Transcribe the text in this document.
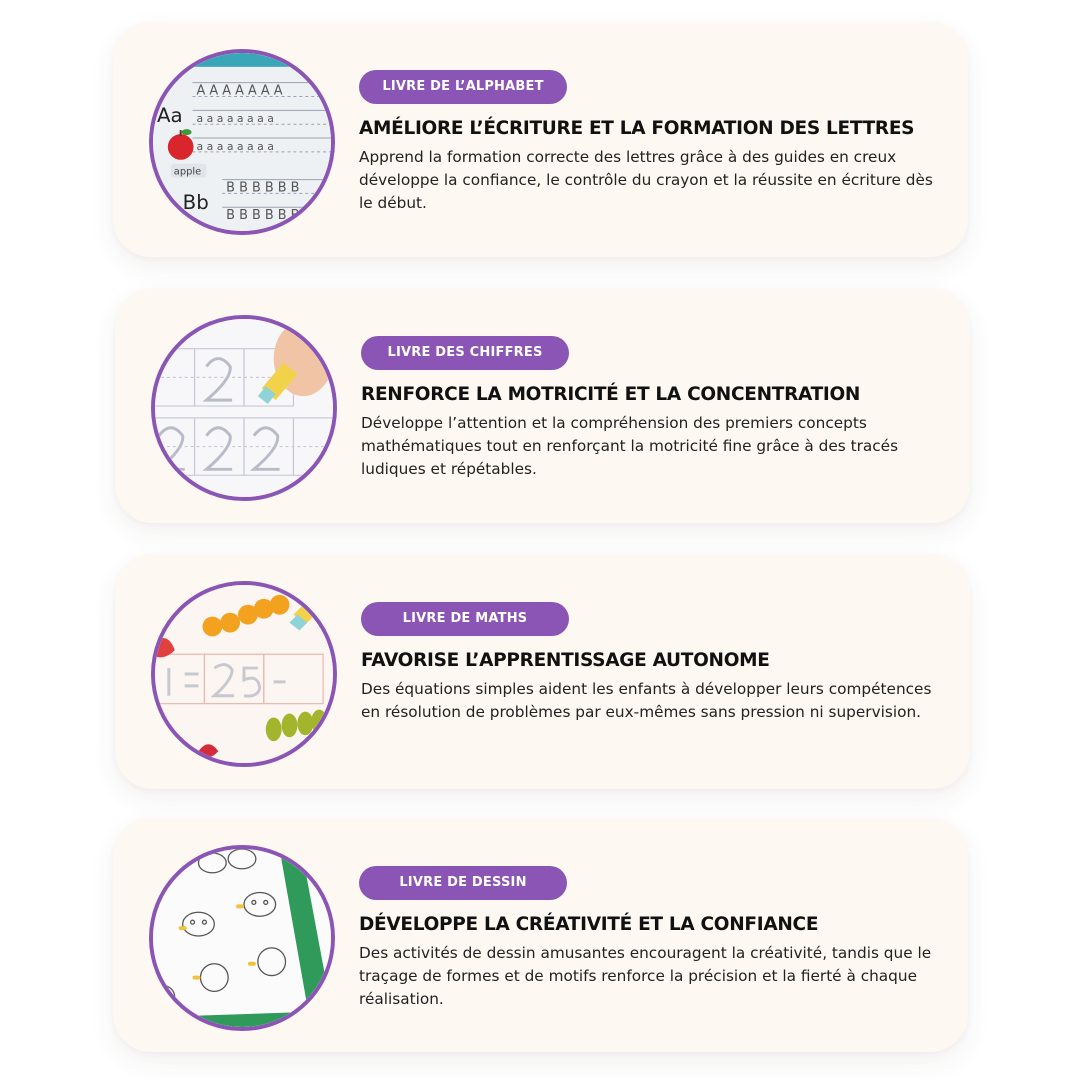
A A A A A A A
a a a a a a a a
a a a a a a a a
B B B B B B
B B B B B B
Aa
apple
Bb
LIVRE DE L’ALPHABET
AMÉLIORE L’ÉCRITURE ET LA FORMATION DES LETTRES
Apprend la formation correcte des lettres grâce à des guides en creux développe la confiance, le contrôle du crayon et la réussite en écriture dès le début.
LIVRE DES CHIFFRES
RENFORCE LA MOTRICITÉ ET LA CONCENTRATION
Développe l’attention et la compréhension des premiers concepts mathématiques tout en renforçant la motricité fine grâce à des tracés ludiques et répétables.
LIVRE DE MATHS
FAVORISE L’APPRENTISSAGE AUTONOME
Des équations simples aident les enfants à développer leurs compétences en résolution de problèmes par eux-mêmes sans pression ni supervision.
LIVRE DE DESSIN
DÉVELOPPE LA CRÉATIVITÉ ET LA CONFIANCE
Des activités de dessin amusantes encouragent la créativité, tandis que le traçage de formes et de motifs renforce la précision et la fierté à chaque réalisation.
